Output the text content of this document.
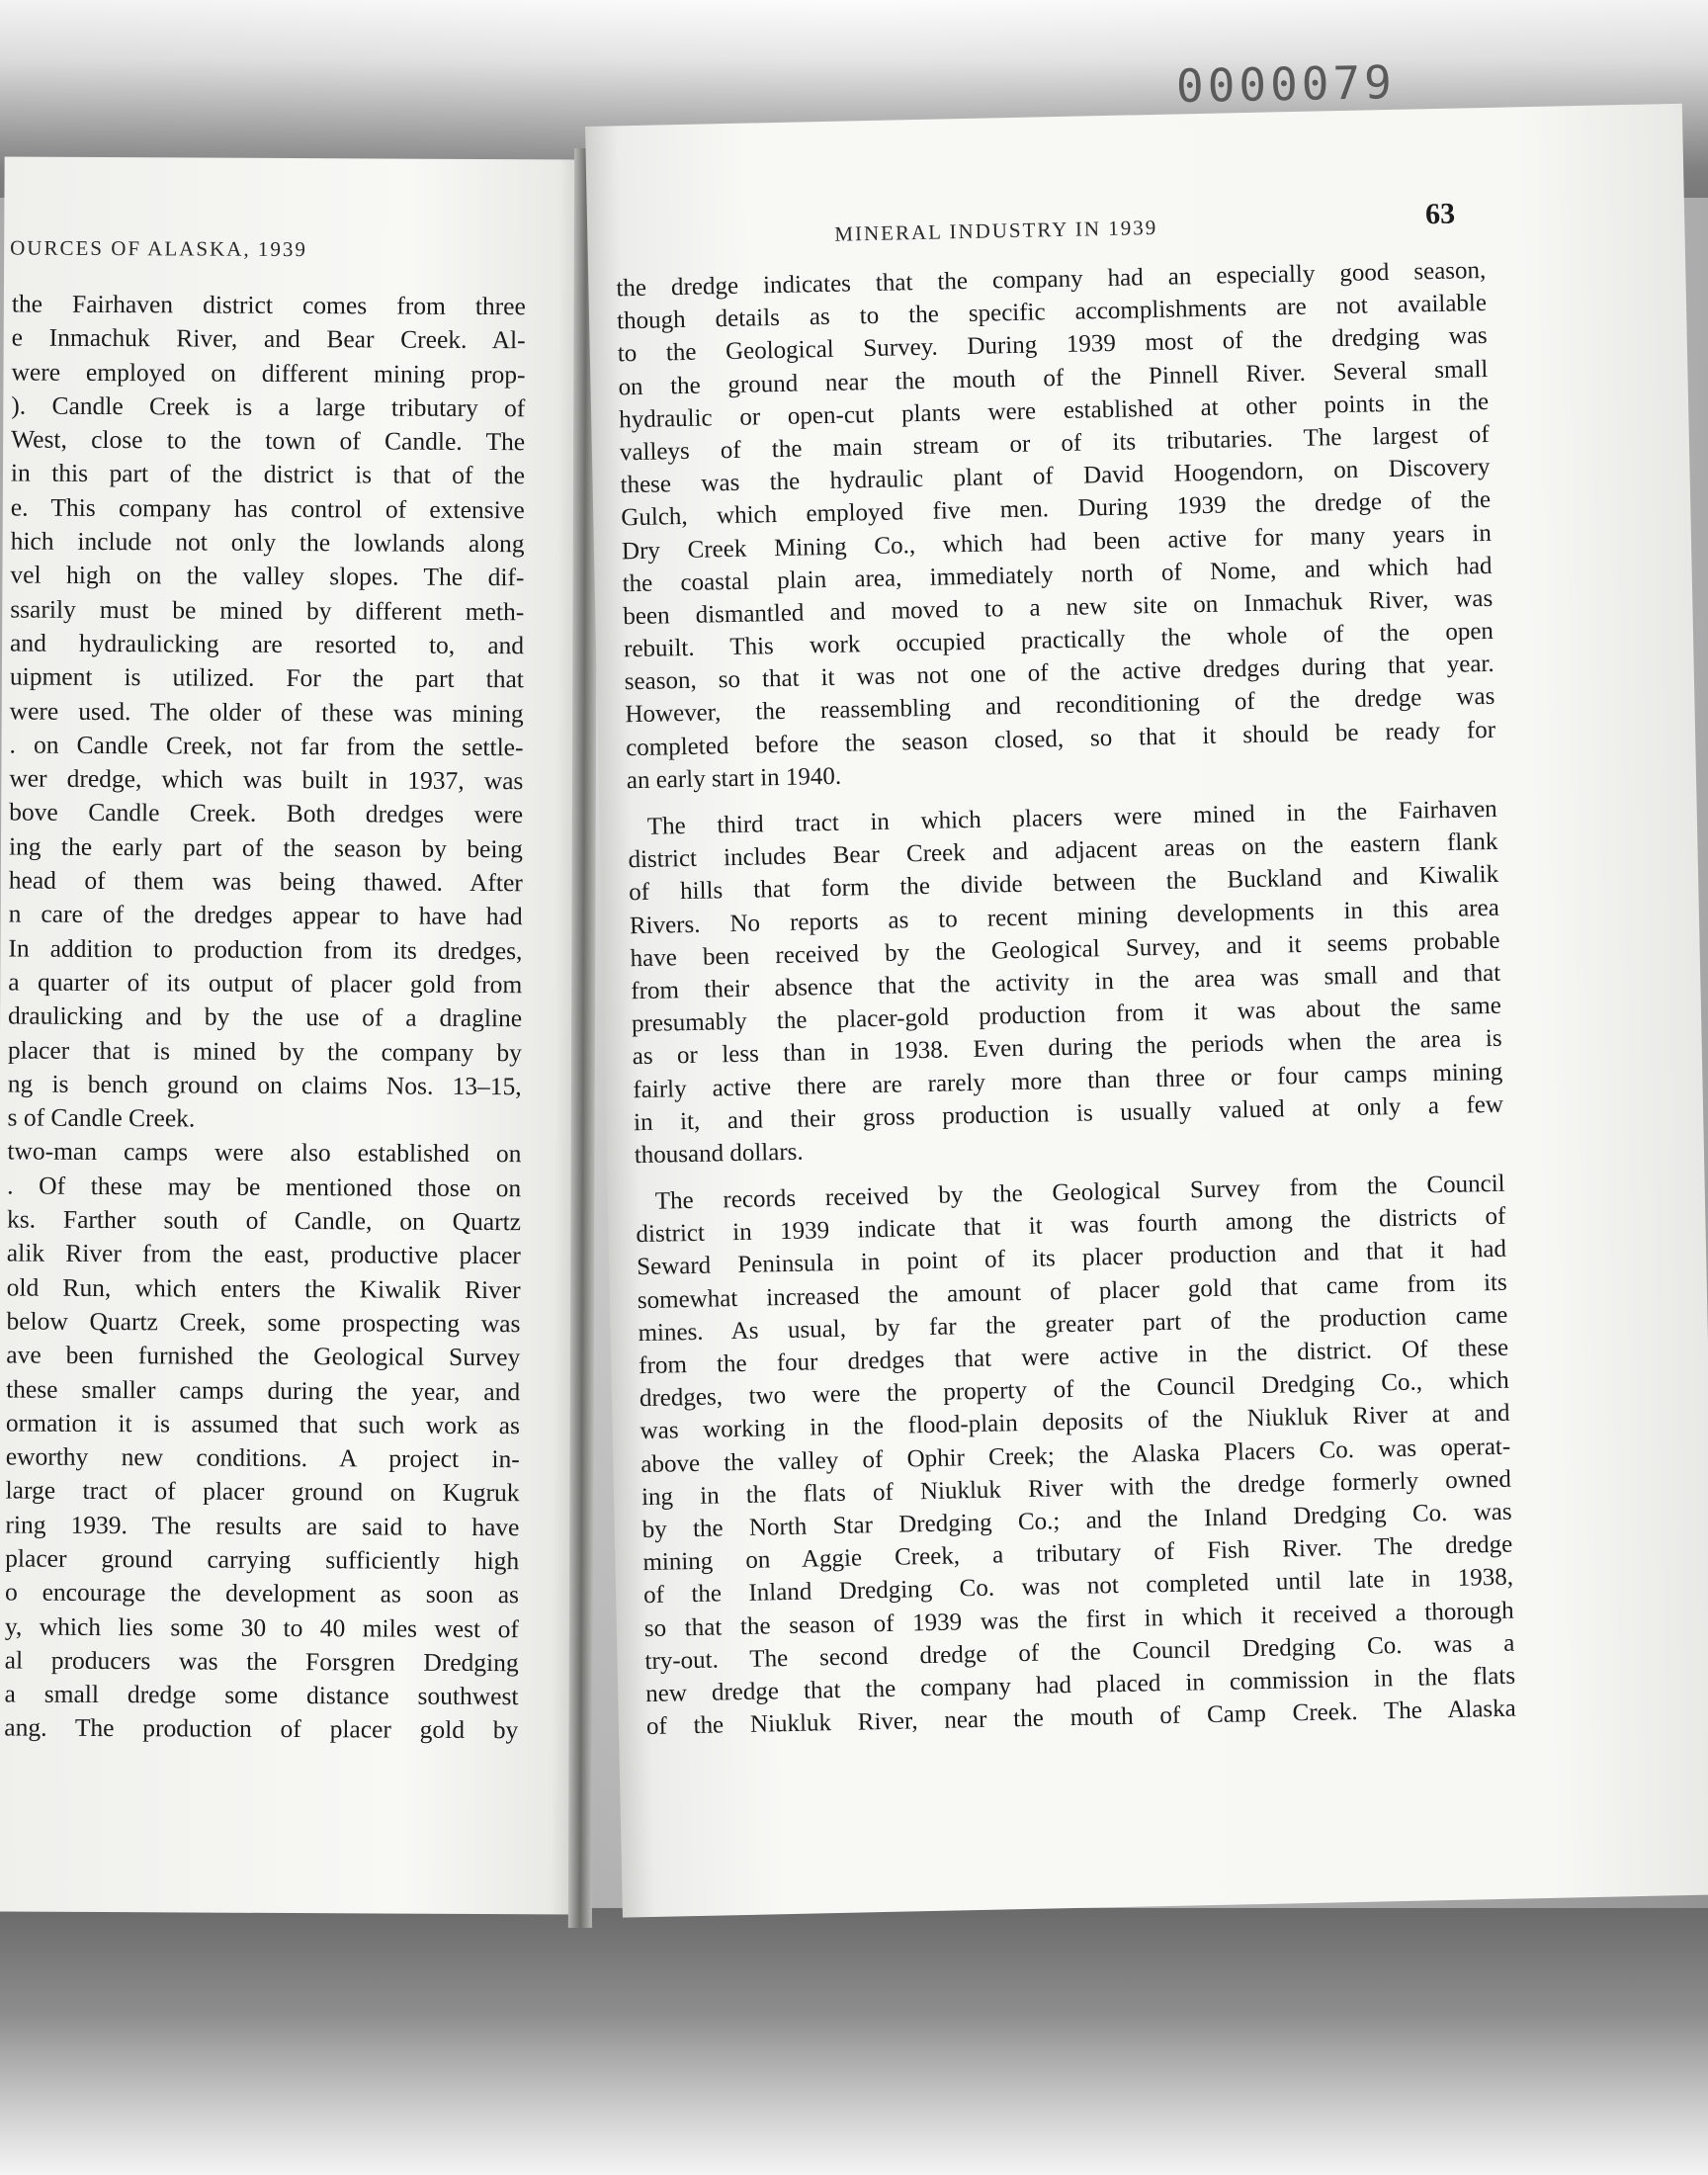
0000079
OURCES OF ALASKA, 1939
the Fairhaven district comes from three
e Inmachuk River, and Bear Creek. Al-
were employed on different mining prop-
). Candle Creek is a large tributary of
West, close to the town of Candle. The
in this part of the district is that of the
e. This company has control of extensive
hich include not only the lowlands along
vel high on the valley slopes. The dif-
ssarily must be mined by different meth-
and hydraulicking are resorted to, and
uipment is utilized. For the part that
were used. The older of these was mining
. on Candle Creek, not far from the settle-
wer dredge, which was built in 1937, was
bove Candle Creek. Both dredges were
ing the early part of the season by being
head of them was being thawed. After
n care of the dredges appear to have had
In addition to production from its dredges,
a quarter of its output of placer gold from
draulicking and by the use of a dragline
placer that is mined by the company by
ng is bench ground on claims Nos. 13–15,
s of Candle Creek.
two-man camps were also established on
. Of these may be mentioned those on
ks. Farther south of Candle, on Quartz
alik River from the east, productive placer
old Run, which enters the Kiwalik River
below Quartz Creek, some prospecting was
ave been furnished the Geological Survey
these smaller camps during the year, and
ormation it is assumed that such work as
eworthy new conditions. A project in-
large tract of placer ground on Kugruk
ring 1939. The results are said to have
placer ground carrying sufficiently high
o encourage the development as soon as
y, which lies some 30 to 40 miles west of
al producers was the Forsgren Dredging
a small dredge some distance southwest
ang. The production of placer gold by
MINERAL INDUSTRY IN 1939
63
the dredge indicates that the company had an especially good season,
though details as to the specific accomplishments are not available
to the Geological Survey. During 1939 most of the dredging was
on the ground near the mouth of the Pinnell River. Several small
hydraulic or open-cut plants were established at other points in the
valleys of the main stream or of its tributaries. The largest of
these was the hydraulic plant of David Hoogendorn, on Discovery
Gulch, which employed five men. During 1939 the dredge of the
Dry Creek Mining Co., which had been active for many years in
the coastal plain area, immediately north of Nome, and which had
been dismantled and moved to a new site on Inmachuk River, was
rebuilt. This work occupied practically the whole of the open
season, so that it was not one of the active dredges during that year.
However, the reassembling and reconditioning of the dredge was
completed before the season closed, so that it should be ready for
an early start in 1940.
The third tract in which placers were mined in the Fairhaven
district includes Bear Creek and adjacent areas on the eastern flank
of hills that form the divide between the Buckland and Kiwalik
Rivers. No reports as to recent mining developments in this area
have been received by the Geological Survey, and it seems probable
from their absence that the activity in the area was small and that
presumably the placer-gold production from it was about the same
as or less than in 1938. Even during the periods when the area is
fairly active there are rarely more than three or four camps mining
in it, and their gross production is usually valued at only a few
thousand dollars.
The records received by the Geological Survey from the Council
district in 1939 indicate that it was fourth among the districts of
Seward Peninsula in point of its placer production and that it had
somewhat increased the amount of placer gold that came from its
mines. As usual, by far the greater part of the production came
from the four dredges that were active in the district. Of these
dredges, two were the property of the Council Dredging Co., which
was working in the flood-plain deposits of the Niukluk River at and
above the valley of Ophir Creek; the Alaska Placers Co. was operat-
ing in the flats of Niukluk River with the dredge formerly owned
by the North Star Dredging Co.; and the Inland Dredging Co. was
mining on Aggie Creek, a tributary of Fish River. The dredge
of the Inland Dredging Co. was not completed until late in 1938,
so that the season of 1939 was the first in which it received a thorough
try-out. The second dredge of the Council Dredging Co. was a
new dredge that the company had placed in commission in the flats
of the Niukluk River, near the mouth of Camp Creek. The Alaska
